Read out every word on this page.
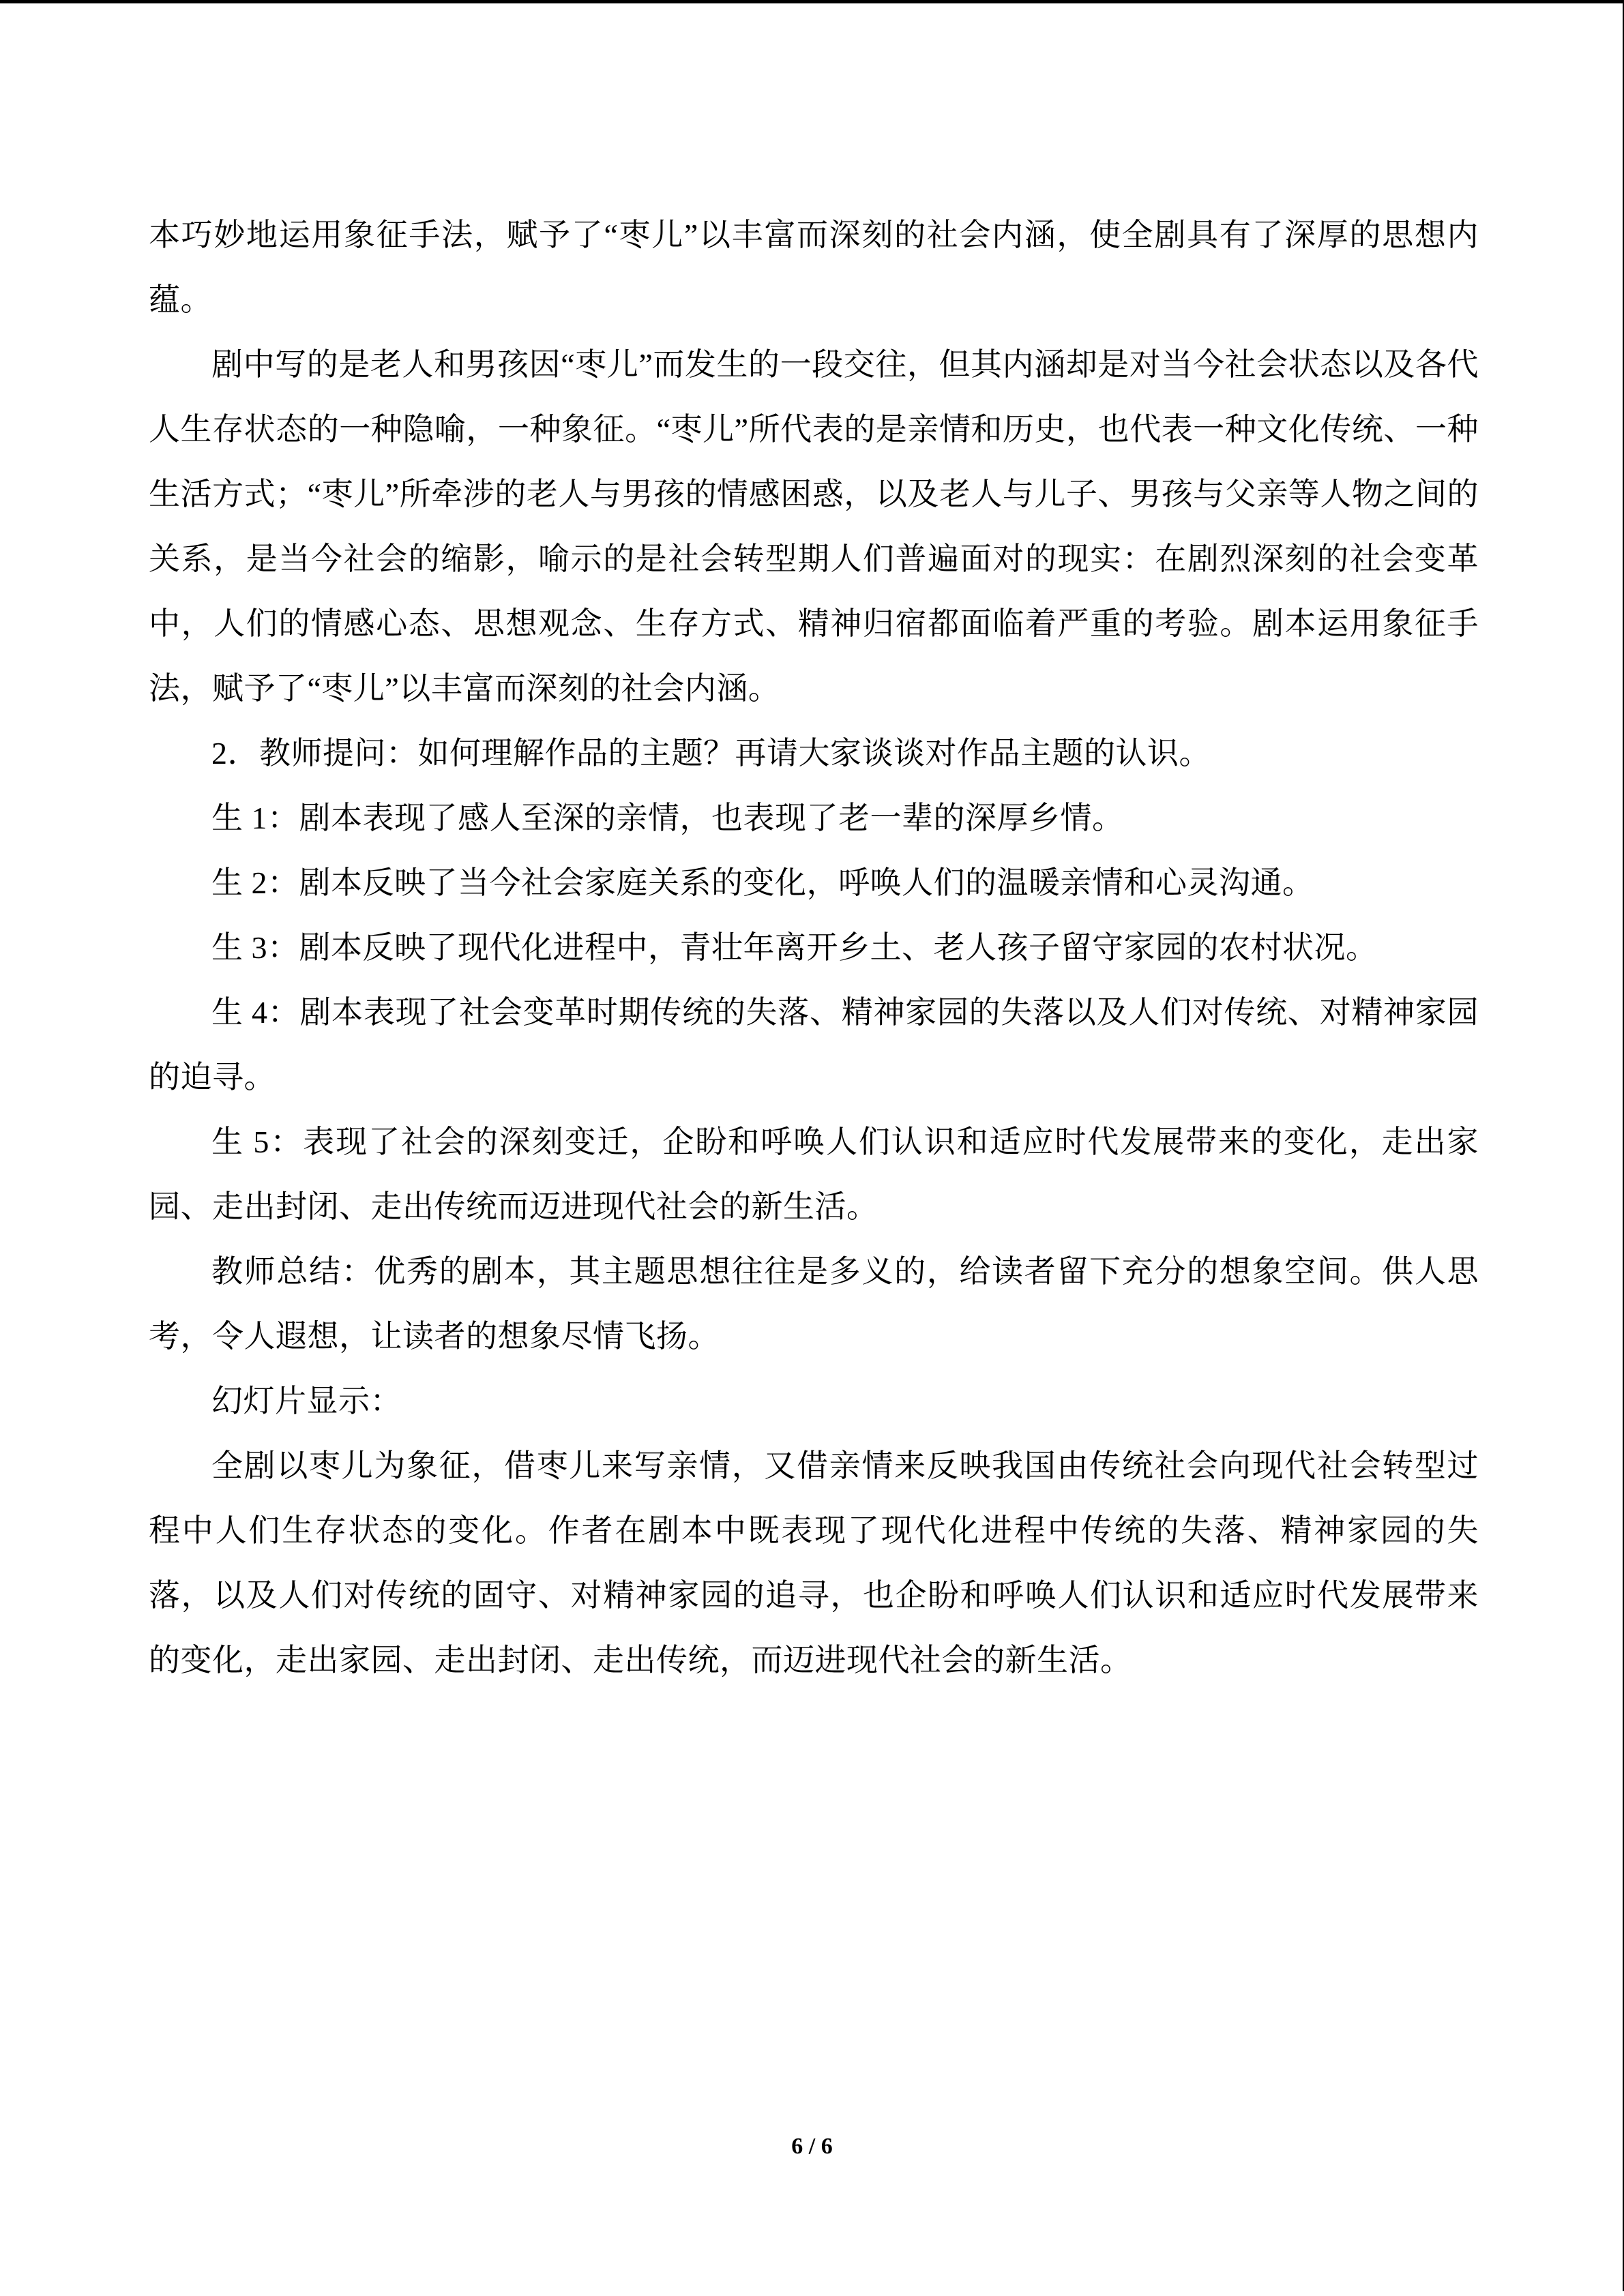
本巧妙地运用象征手法，赋予了“枣儿”以丰富而深刻的社会内涵，使全剧具有了深厚的思想内蕴。

剧中写的是老人和男孩因“枣儿”而发生的一段交往，但其内涵却是对当今社会状态以及各代人生存状态的一种隐喻，一种象征。“枣儿”所代表的是亲情和历史，也代表一种文化传统、一种生活方式；“枣儿”所牵涉的老人与男孩的情感困惑，以及老人与儿子、男孩与父亲等人物之间的关系，是当今社会的缩影，喻示的是社会转型期人们普遍面对的现实：在剧烈深刻的社会变革中，人们的情感心态、思想观念、生存方式、精神归宿都面临着严重的考验。剧本运用象征手法，赋予了“枣儿”以丰富而深刻的社会内涵。

2．教师提问：如何理解作品的主题？再请大家谈谈对作品主题的认识。

生 1：剧本表现了感人至深的亲情，也表现了老一辈的深厚乡情。

生 2：剧本反映了当今社会家庭关系的变化，呼唤人们的温暖亲情和心灵沟通。

生 3：剧本反映了现代化进程中，青壮年离开乡土、老人孩子留守家园的农村状况。

生 4：剧本表现了社会变革时期传统的失落、精神家园的失落以及人们对传统、对精神家园的迫寻。

生 5：表现了社会的深刻变迁，企盼和呼唤人们认识和适应时代发展带来的变化，走出家园、走出封闭、走出传统而迈进现代社会的新生活。

教师总结：优秀的剧本，其主题思想往往是多义的，给读者留下充分的想象空间。供人思考，令人遐想，让读者的想象尽情飞扬。

幻灯片显示：

全剧以枣儿为象征，借枣儿来写亲情，又借亲情来反映我国由传统社会向现代社会转型过程中人们生存状态的变化。作者在剧本中既表现了现代化进程中传统的失落、精神家园的失落，以及人们对传统的固守、对精神家园的追寻，也企盼和呼唤人们认识和适应时代发展带来的变化，走出家园、走出封闭、走出传统，而迈进现代社会的新生活。

6 / 6
